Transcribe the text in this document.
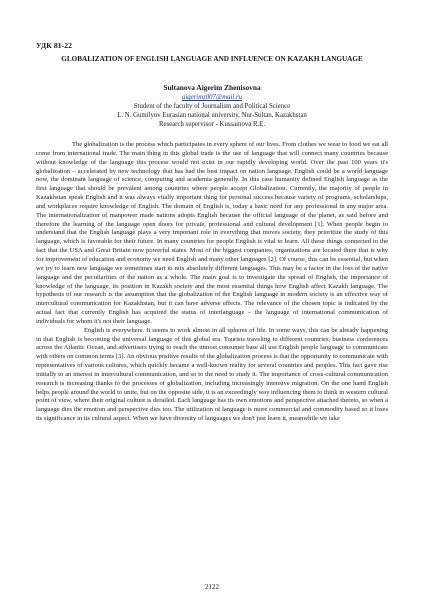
УДК 81-22
GLOBALIZATION OF ENGLISH LANGUAGE AND INFLUENCE ON KAZAKH LANGUAGE
Sultanova Aigerim Zhenisovna
aigerimz007@mail.ru
Student of the faculty of Journalism and Political Science
L. N. Gumilyov Eurasian national university, Nur-Sultan, Kazakhstan
Research supervisor - Kussainova R.E.

The globalization is the process which participates in every sphere of our lives. From clothes we wear to food we eat all come from international trade. The main thing in this global trade is the use of language that will connect many countries because without knowledge of the language this process would not exist in our rapidly developing world. Over the past 100 years it's globalization – accelerated by new technology that has had the best impact on nation language. English could be a world language now, the dominant language of science, computing and academia generally. In this case humanity defined English language as the first language that should be prevalent among countries where people accept Globalization. Currently, the majority of people in Kazakhstan speak English and it was always vitally important thing for personal success because variety of programs, scholarships, and workplaces require knowledge of English. The domain of English is, today a basic need for any professional in any major area. The internationalization of manpower made nations adopts English because the official language of the planet, as said before and therefore the learning of the language open doors for private, professional and cultural development [1]. When people begin to understand that the English language plays a very important role in everything that moves society, they prioritize the study of this language, which is favorable for their future. In many countries for people English is vital to learn. All these things connected to the fact that the USA and Great Britain now powerful states. Most of the biggest companies, organizations are located there that is why for improvement of education and economy we need English and many other languages [2]. Of course, this can be essential, but when we try to learn new language we sometimes start to mix absolutely different languages. This may be a factor in the loss of the native language and the peculiarities of the nation as a whole. The main goal is to investigate the spread of English, the importance of knowledge of the language, its position in Kazakh society and the most essential things how English affect Kazakh language. The hypothesis of our research is the assumption that the globalization of the English language in modern society is an effective way of intercultural communication for Kazakhstan, but it can have adverse effects. The relevance of the chosen topic is indicated by the actual fact that currently English has acquired the status of interlanguage – the language of international communication of individuals for whom it's not their language.

English is everywhere. It seems to work almost in all spheres of life. In some ways, this can be already happening in that English is becoming the universal language of this global era. Tourists traveling to different countries, business conferences across the Atlantic Ocean, and advertisers trying to reach the utmost consumer base all use English people language to communicate with others on common terms [3]. An obvious positive results of the globalization process is that the opportunity to communicate with representatives of various cultures, which quickly became a well-known reality for several countries and peoples. This fact gave rise initially to an interest in intercultural communication, and so to the need to study it. The importance of cross-cultural communication research is increasing thanks to the processes of globalization, including increasingly intensive migration. On the one hand English helps people around the world to unite, but on the opposite side, it is an exceedingly way influencing them to think in western cultural point of view, where their original culture is derailed. Each language has its own emotions and perspective attached thereto, so when a language dies the emotion and perspective dies too. The utilization of language is more commercial and commodity based so it loses its significance in its cultural aspect. When we have diversity of languages we don't just learn it, meanwhile we take

2122
